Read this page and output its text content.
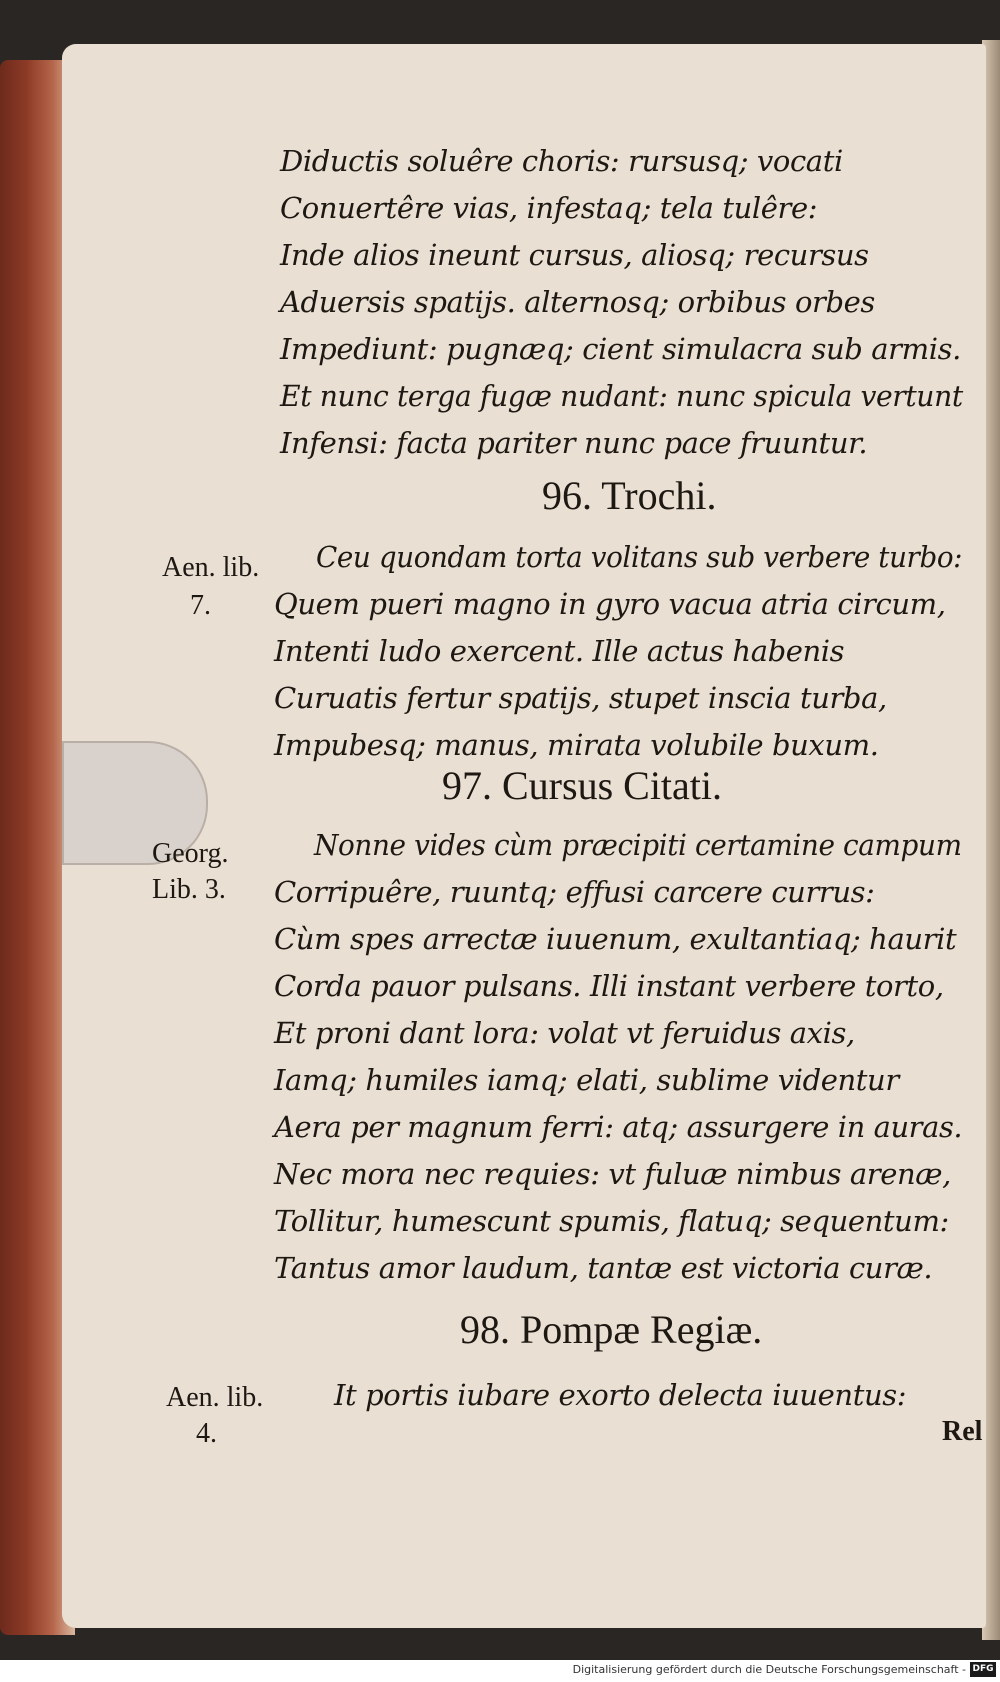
Diductis soluêre choris: rursusq; vocati
Conuertêre vias, infestaq; tela tulêre:
Inde alios ineunt cursus, aliosq; recursus
Aduersis spatijs. alternosq; orbibus orbes
Impediunt: pugnæq; cient simulacra sub armis.
Et nunc terga fugæ nudant: nunc spicula vertunt
Infensi: facta pariter nunc pace fruuntur.
96. Trochi.
Aen. lib.
7.
Ceu quondam torta volitans sub verbere turbo:
Quem pueri magno in gyro vacua atria circum,
Intenti ludo exercent. Ille actus habenis
Curuatis fertur spatijs, stupet inscia turba,
Impubesq; manus, mirata volubile buxum.
97. Cursus Citati.
Georg.
Lib. 3.
Nonne vides cùm præcipiti certamine campum
Corripuêre, ruuntq; effusi carcere currus:
Cùm spes arrectæ iuuenum, exultantiaq; haurit
Corda pauor pulsans. Illi instant verbere torto,
Et proni dant lora: volat vt feruidus axis,
Iamq; humiles iamq; elati, sublime videntur
Aera per magnum ferri: atq; assurgere in auras.
Nec mora nec requies: vt fuluæ nimbus arenæ,
Tollitur, humescunt spumis, flatuq; sequentum:
Tantus amor laudum, tantæ est victoria curæ.
98. Pompæ Regiæ.
Aen. lib.
4.
It portis iubare exorto delecta iuuentus:
Rel
Digitalisierung gefördert durch die Deutsche Forschungsgemeinschaft - DFG
